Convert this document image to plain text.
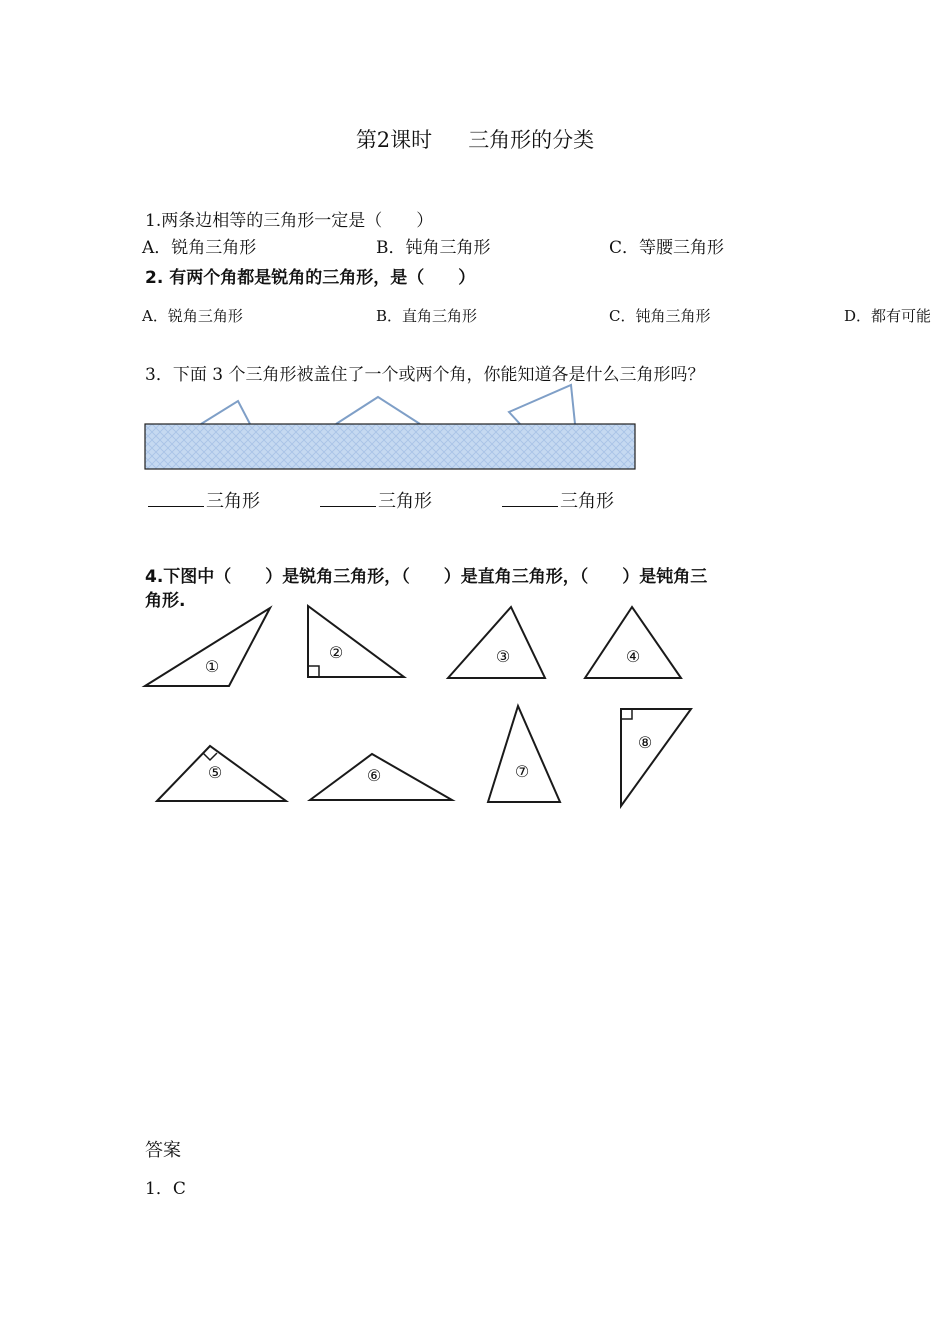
第2课时 三角形的分类
1.两条边相等的三角形一定是（　　）
A．锐角三角形	B．钝角三角形	C．等腰三角形
2. 有两个角都是锐角的三角形，是（　　）
A．锐角三角形	B．直角三角形	C．钝角三角形	D．都有可能
3．下面 3 个三角形被盖住了一个或两个角，你能知道各是什么三角形吗？
①
②	③	④
⑤	⑥	⑦
⑧
三角形	三角形	三角形
4.下图中（　　）是锐角三角形，（　　）是直角三角形，（　　）是钝角三
角形.
答案
1．C
